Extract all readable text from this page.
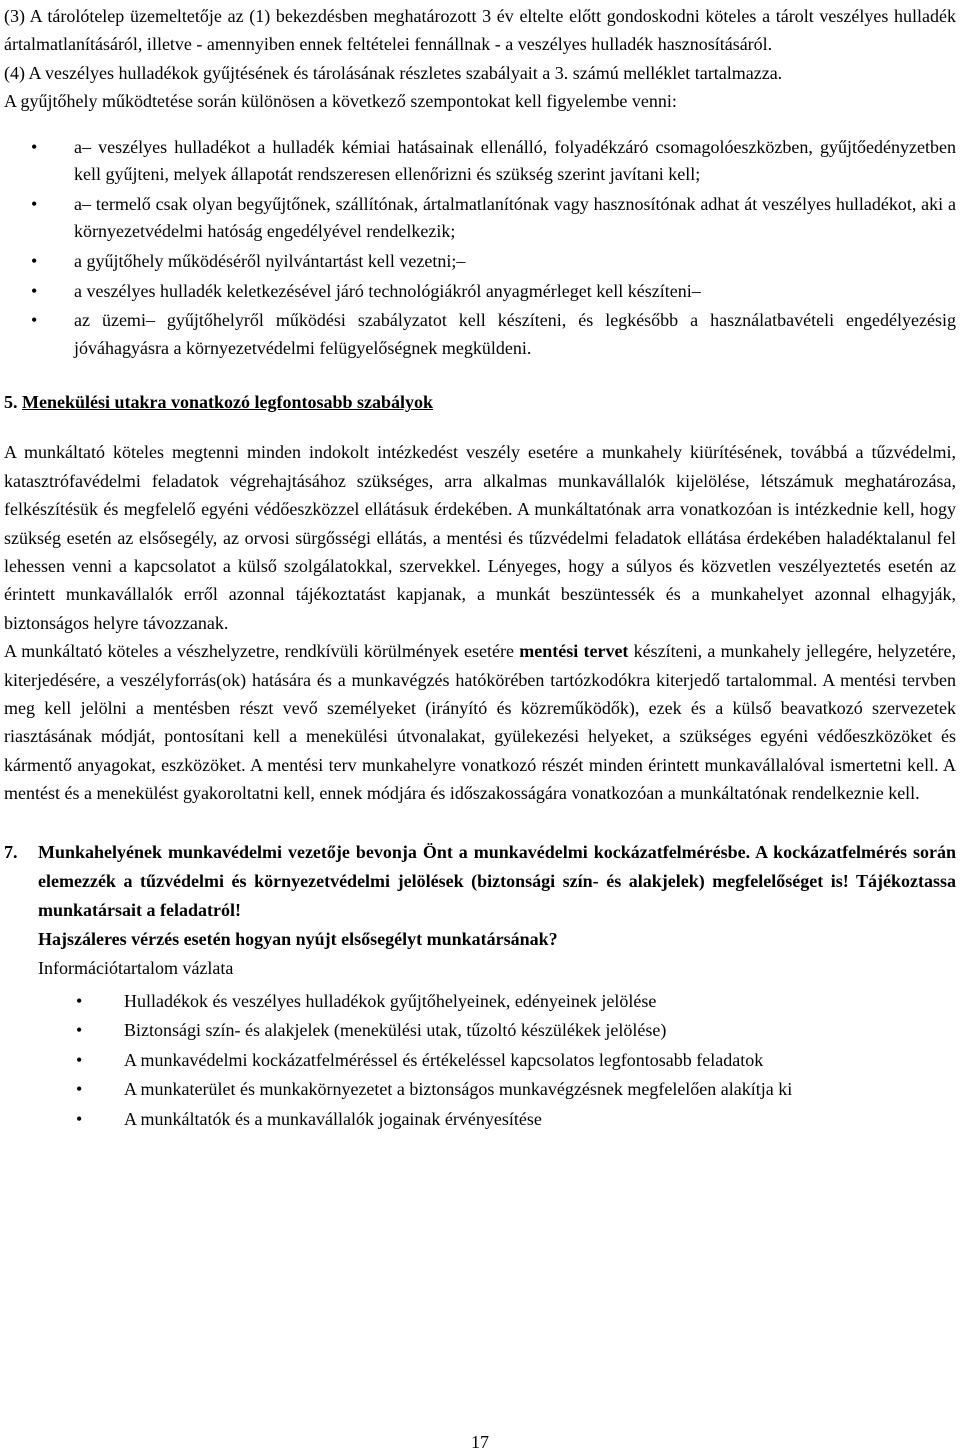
(3) A tárolótelep üzemeltetője az (1) bekezdésben meghatározott 3 év eltelte előtt gondoskodni köteles a tárolt veszélyes hulladék ártalmatlanításáról, illetve - amennyiben ennek feltételei fennállnak - a veszélyes hulladék hasznosításáról.

(4) A veszélyes hulladékok gyűjtésének és tárolásának részletes szabályait a 3. számú melléklet tartalmazza.

A gyűjtőhely működtetése során különösen a következő szempontokat kell figyelembe venni:

• a– veszélyes hulladékot a hulladék kémiai hatásainak ellenálló, folyadékzáró csomagolóeszközben, gyűjtőedényzetben kell gyűjteni, melyek állapotát rendszeresen ellenőrizni és szükség szerint javítani kell;
• a– termelő csak olyan begyűjtőnek, szállítónak, ártalmatlanítónak vagy hasznosítónak adhat át veszélyes hulladékot, aki a környezetvédelmi hatóság engedélyével rendelkezik;
• a gyűjtőhely működéséről nyilvántartást kell vezetni;–
• a veszélyes hulladék keletkezésével járó technológiákról anyagmérleget kell készíteni–
• az üzemi– gyűjtőhelyről működési szabályzatot kell készíteni, és legkésőbb a használatbavételi engedélyezésig jóváhagyásra a környezetvédelmi felügyelőségnek megküldeni.
5. Menekülési utakra vonatkozó legfontosabb szabályok

A munkáltató köteles megtenni minden indokolt intézkedést veszély esetére a munkahely kiürítésének, továbbá a tűzvédelmi, katasztrófavédelmi feladatok végrehajtásához szükséges, arra alkalmas munkavállalók kijelölése, létszámuk meghatározása, felkészítésük és megfelelő egyéni védőeszközzel ellátásuk érdekében. A munkáltatónak arra vonatkozóan is intézkednie kell, hogy szükség esetén az elsősegély, az orvosi sürgősségi ellátás, a mentési és tűzvédelmi feladatok ellátása érdekében haladéktalanul fel lehessen venni a kapcsolatot a külső szolgálatokkal, szervekkel. Lényeges, hogy a súlyos és közvetlen veszélyeztetés esetén az érintett munkavállalók erről azonnal tájékoztatást kapjanak, a munkát beszüntessék és a munkahelyet azonnal elhagyják, biztonságos helyre távozzanak.

A munkáltató köteles a vészhelyzetre, rendkívüli körülmények esetére mentési tervet készíteni, a munkahely jellegére, helyzetére, kiterjedésére, a veszélyforrás(ok) hatására és a munkavégzés hatókörében tartózkodókra kiterjedő tartalommal. A mentési tervben meg kell jelölni a mentésben részt vevő személyeket (irányító és közreműködők), ezek és a külső beavatkozó szervezetek riasztásának módját, pontosítani kell a menekülési útvonalakat, gyülekezési helyeket, a szükséges egyéni védőeszközöket és kármentő anyagokat, eszközöket. A mentési terv munkahelyre vonatkozó részét minden érintett munkavállalóval ismertetni kell. A mentést és a menekülést gyakoroltatni kell, ennek módjára és időszakosságára vonatkozóan a munkáltatónak rendelkeznie kell.

7. Munkahelyének munkavédelmi vezetője bevonja Önt a munkavédelmi kockázatfelmérésbe. A kockázatfelmérés során elemezzék a tűzvédelmi és környezetvédelmi jelölések (biztonsági szín- és alakjelek) megfelelőséget is! Tájékoztassa munkatársait a feladatról!
Hajszáleres vérzés esetén hogyan nyújt elsősegélyt munkatársának?
Információtartalom vázlata
• Hulladékok és veszélyes hulladékok gyűjtőhelyeinek, edényeinek jelölése
• Biztonsági szín- és alakjelek (menekülési utak, tűzoltó készülékek jelölése)
• A munkavédelmi kockázatfelméréssel és értékeléssel kapcsolatos legfontosabb feladatok
• A munkaterület és munkakörnyezetet a biztonságos munkavégzésnek megfelelően alakítja ki
• A munkáltatók és a munkavállalók jogainak érvényesítése
17
